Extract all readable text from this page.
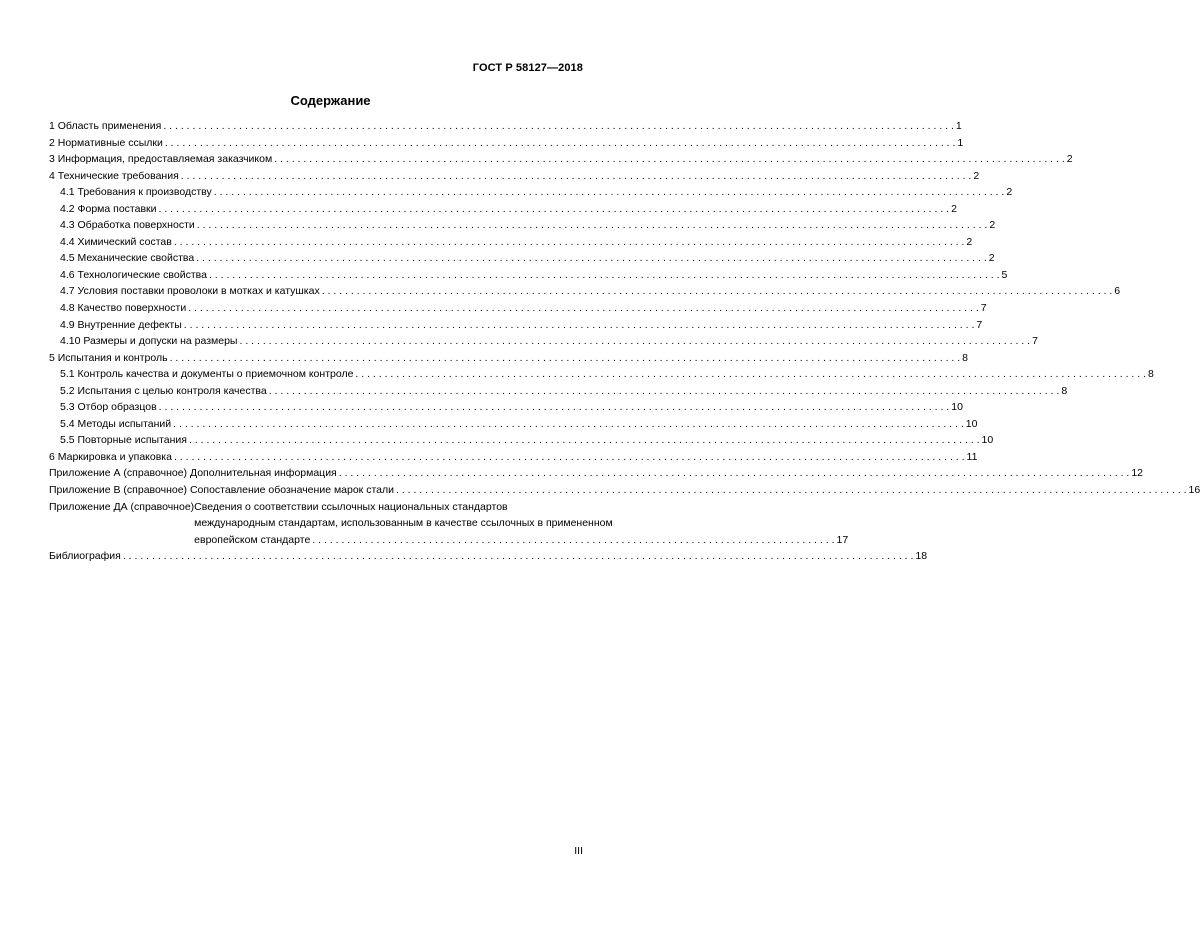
ГОСТ Р 58127—2018
Содержание
1 Область применения . . .	1
2 Нормативные ссылки . . .	1
3 Информация, предоставляемая заказчиком . . .	2
4 Технические требования . . .	2
4.1 Требования к производству . . .	2
4.2 Форма поставки . . .	2
4.3 Обработка поверхности . . .	2
4.4 Химический состав . . .	2
4.5 Механические свойства . . .	2
4.6 Технологические свойства . . .	5
4.7 Условия поставки проволоки в мотках и катушках . . .	6
4.8 Качество поверхности . . .	7
4.9 Внутренние дефекты . . .	7
4.10 Размеры и допуски на размеры . . .	7
5 Испытания и контроль . . .	8
5.1 Контроль качества и документы о приемочном контроле . . .	8
5.2 Испытания с целью контроля качества . . .	8
5.3 Отбор образцов . . .	10
5.4 Методы испытаний . . .	10
5.5 Повторные испытания . . .	10
6 Маркировка и упаковка . . .	11
Приложение А (справочное) Дополнительная информация . . .	12
Приложение В (справочное) Сопоставление обозначение марок стали . . .	16
Приложение ДА (справочное) Сведения о соответствии ссылочных национальных стандартов
международным стандартам, использованным в качестве ссылочных в примененном
европейском стандарте . . .	17
Библиография . . .	18
III
